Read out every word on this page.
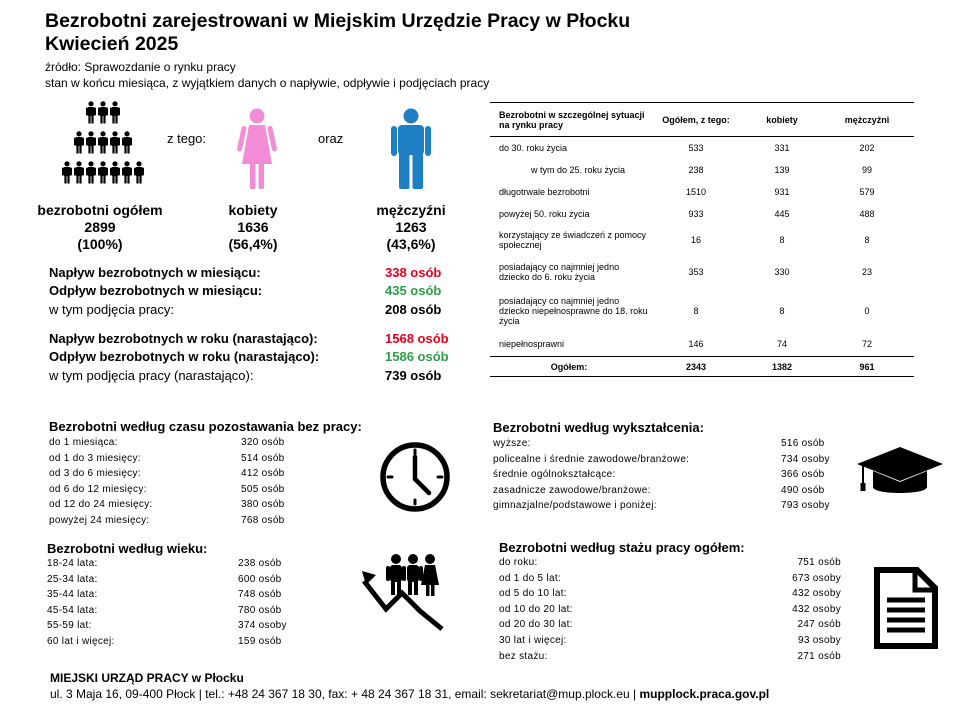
Bezrobotni zarejestrowani w Miejskim Urzędzie Pracy w Płocku
Kwiecień 2025
źródło: Sprawozdanie o rynku pracy
stan w końcu miesiąca, z wyjątkiem danych o napływie, odpływie i podjęciach pracy
z tego:	oraz
bezrobotni ogółem
2899
(100%)
kobiety
1636
(56,4%)
mężczyźni
1263
(43,6%)
Napływ bezrobotnych w miesiącu:	338 osób
Odpływ bezrobotnych w miesiącu:	435 osób
w tym podjęcia pracy:	208 osób
Napływ bezrobotnych w roku (narastająco):	1568 osób
Odpływ bezrobotnych w roku (narastająco):	1586 osób
w tym podjęcia pracy (narastająco):	739 osób
Bezrobotni w szczególnej sytuacji na rynku pracy	Ogółem, z tego:	kobiety	mężczyźni
do 30. roku życia	533	331	202
w tym do 25. roku życia	238	139	99
długotrwale bezrobotni	1510	931	579
powyżej 50. roku życia	933	445	488
korzystający ze świadczeń z pomocy społecznej	16	8	8
posiadający co najmniej jedno dziecko do 6. roku życia	353	330	23
posiadający co najmniej jedno dziecko niepełnosprawne do 18. roku życia	8	8	0
niepełnosprawni	146	74	72
Ogółem:	2343	1382	961
Bezrobotni według czasu pozostawania bez pracy:
do 1 miesiąca:	320 osób
od 1 do 3 miesięcy:	514 osób
od 3 do 6 miesięcy:	412 osób
od 6 do 12 miesięcy:	505 osób
od 12 do 24 miesięcy:	380 osób
powyżej 24 miesięcy:	768 osób
Bezrobotni według wieku:
18-24 lata:	238 osób
25-34 lata:	600 osób
35-44 lata:	748 osób
45-54 lata:	780 osób
55-59 lat:	374 osoby
60 lat i więcej:	159 osób
Bezrobotni według wykształcenia:
wyższe:	516 osób
policealne i średnie zawodowe/branżowe:	734 osoby
średnie ogólnokształcące:	366 osób
zasadnicze zawodowe/branżowe:	490 osób
gimnazjalne/podstawowe i poniżej:	793 osoby
Bezrobotni według stażu pracy ogółem:
do roku:	751 osób
od 1 do 5 lat:	673 osoby
od 5 do 10 lat:	432 osoby
od 10 do 20 lat:	432 osoby
od 20 do 30 lat:	247 osób
30 lat i więcej:	93 osoby
bez stażu:	271 osób
MIEJSKI URZĄD PRACY w Płocku
ul. 3 Maja 16, 09-400 Płock | tel.: +48 24 367 18 30, fax: + 48 24 367 18 31, email: sekretariat@mup.plock.eu | mupplock.praca.gov.pl
